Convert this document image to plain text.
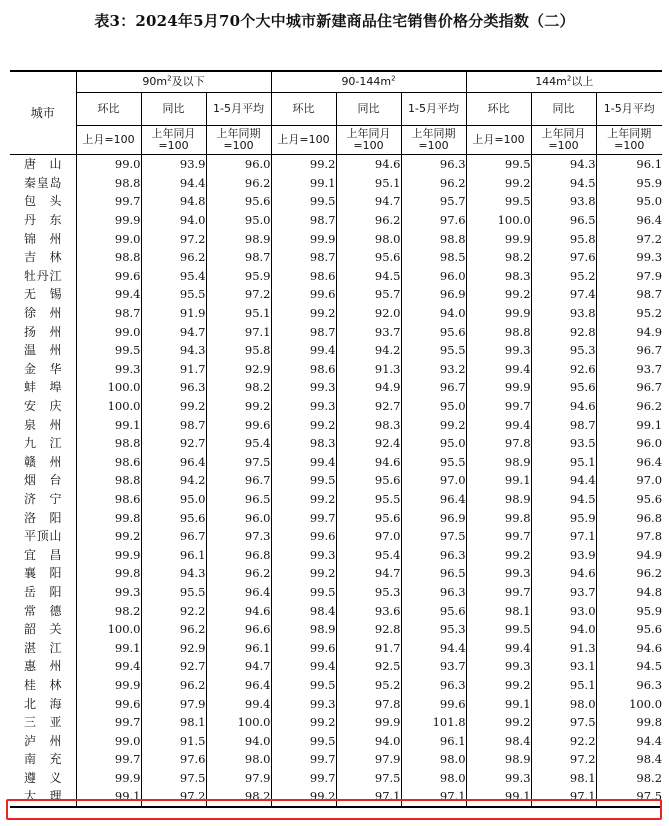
表3：2024年5月70个大中城市新建商品住宅销售价格分类指数（二）
城市	$90m^2$及以下			$90-144m^2$			$144m^2$以上		
	环比	同比	1-5月平均	环比	同比	1-5月平均	环比	同比	1-5月平均
	上月=100	上年同月=100	上年同期=100	上月=100	上年同月=100	上年同期=100	上月=100	上年同月=100	上年同期=100
唐山	99.0	93.9	96.0	99.2	94.6	96.3	99.5	94.3	96.1
秦皇岛	98.8	94.4	96.2	99.1	95.1	96.2	99.2	94.5	95.9
包头	99.7	94.8	95.6	99.5	94.7	95.7	99.5	93.8	95.0
丹东	99.9	94.0	95.0	98.7	96.2	97.6	100.0	96.5	96.4
锦州	99.0	97.2	98.9	99.9	98.0	98.8	99.9	95.8	97.2
吉林	98.8	96.2	98.7	98.7	95.6	98.5	98.2	97.6	99.3
牡丹江	99.6	95.4	95.9	98.6	94.5	96.0	98.3	95.2	97.9
无锡	99.4	95.5	97.2	99.6	95.7	96.9	99.2	97.4	98.7
徐州	98.7	91.9	95.1	99.2	92.0	94.0	99.9	93.8	95.2
扬州	99.0	94.7	97.1	98.7	93.7	95.6	98.8	92.8	94.9
温州	99.5	94.3	95.8	99.4	94.2	95.5	99.3	95.3	96.7
金华	99.3	91.7	92.9	98.6	91.3	93.2	99.4	92.6	93.7
蚌埠	100.0	96.3	98.2	99.3	94.9	96.7	99.9	95.6	96.7
安庆	100.0	99.2	99.2	99.3	92.7	95.0	99.7	94.6	96.2
泉州	99.1	98.7	99.6	99.2	98.3	99.2	99.4	98.7	99.1
九江	98.8	92.7	95.4	98.3	92.4	95.0	97.8	93.5	96.0
赣州	98.6	96.4	97.5	99.4	94.6	95.5	98.9	95.1	96.4
烟台	98.8	94.2	96.7	99.5	95.6	97.0	99.1	94.4	97.0
济宁	98.6	95.0	96.5	99.2	95.5	96.4	98.9	94.5	95.6
洛阳	99.8	95.6	96.0	99.7	95.6	96.9	99.8	95.9	96.8
平顶山	99.2	96.7	97.3	99.6	97.0	97.5	99.7	97.1	97.8
宜昌	99.9	96.1	96.8	99.3	95.4	96.3	99.2	93.9	94.9
襄阳	99.8	94.3	96.2	99.2	94.7	96.5	99.3	94.6	96.2
岳阳	99.3	95.5	96.4	99.5	95.3	96.3	99.7	93.7	94.8
常德	98.2	92.2	94.6	98.4	93.6	95.6	98.1	93.0	95.9
韶关	100.0	96.2	96.6	98.9	92.8	95.3	99.5	94.0	95.6
湛江	99.1	92.9	96.1	99.6	91.7	94.4	99.4	91.3	94.6
惠州	99.4	92.7	94.7	99.4	92.5	93.7	99.3	93.1	94.5
桂林	99.9	96.2	96.4	99.5	95.2	96.3	99.2	95.1	96.3
北海	99.6	97.9	99.4	99.3	97.8	99.6	99.1	98.0	100.0
三亚	99.7	98.1	100.0	99.2	99.9	101.8	99.2	97.5	99.8
泸州	99.0	91.5	94.0	99.5	94.0	96.1	98.4	92.2	94.4
南充	99.7	97.6	98.0	99.7	97.9	98.0	98.9	97.2	98.4
遵义	99.9	97.5	97.9	99.7	97.5	98.0	99.3	98.1	98.2
大理	99.1	97.2	98.2	99.2	97.1	97.1	99.1	97.1	97.5
